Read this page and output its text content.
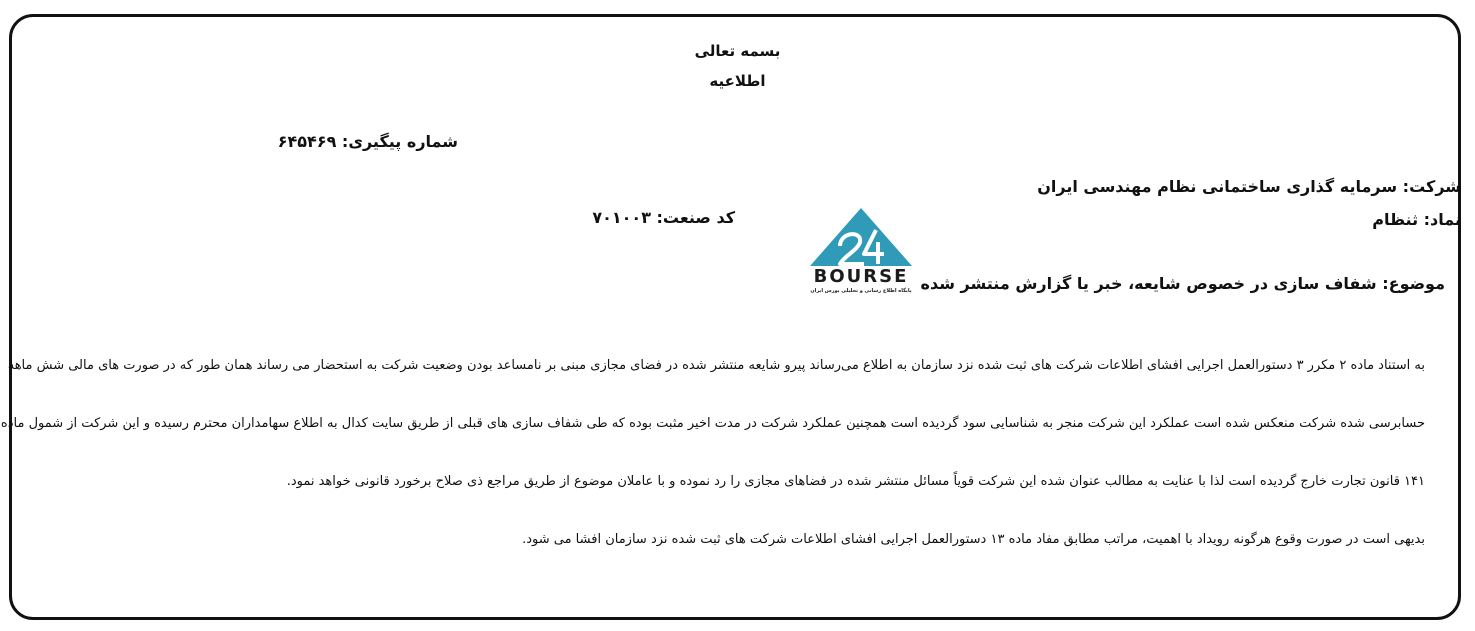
بسمه تعالی
اطلاعیه
شماره پیگیری: ۶۴۵۴۶۹
شرکت: سرمایه گذاری ساختمانی نظام مهندسی ایران
نماد: ثنظام
کد صنعت: ۷۰۱۰۰۳
موضوع: شفاف سازی در خصوص شایعه، خبر یا گزارش منتشر شده
BOURSE
پایگاه اطلاع رسانی و تحلیلی بورس ایران
به استناد ماده ۲ مکرر ۳ دستورالعمل اجرایی افشای اطلاعات شرکت های ثبت شده نزد سازمان به اطلاع می‌رساند پیرو شایعه منتشر شده در فضای مجازی مبنی بر نامساعد بودن وضعیت شرکت به استحضار می رساند همان طور که در صورت های مالی شش ماهه
حسابرسی شده شرکت منعکس شده است عملکرد این شرکت منجر به شناسایی سود گردیده است همچنین عملکرد شرکت در مدت اخیر مثبت بوده که طی شفاف سازی های قبلی از طریق سایت کدال به اطلاع سهامداران محترم رسیده و این شرکت از شمول ماده
۱۴۱ قانون تجارت خارج گردیده است لذا با عنایت به مطالب عنوان شده این شرکت قویاً مسائل منتشر شده در فضاهای مجازی را رد نموده و با عاملان موضوع از طریق مراجع ذی صلاح برخورد قانونی خواهد نمود.
بدیهی است در صورت وقوع هرگونه رویداد با اهمیت، مراتب مطابق مفاد ماده ۱۳ دستورالعمل اجرایی افشای اطلاعات شرکت های ثبت شده نزد سازمان افشا می شود.
